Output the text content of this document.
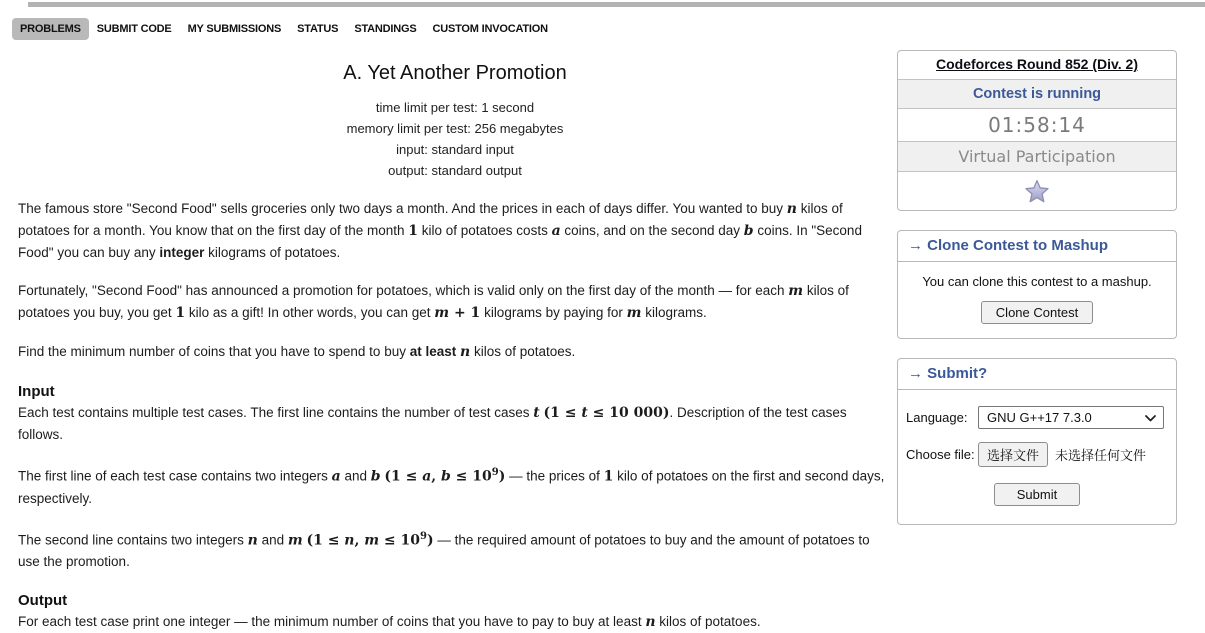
PROBLEMS	SUBMIT CODE	MY SUBMISSIONS	STATUS	STANDINGS	CUSTOM INVOCATION
A. Yet Another Promotion
time limit per test: 1 second
memory limit per test: 256 megabytes
input: standard input
output: standard output
The famous store "Second Food" sells groceries only two days a month. And the prices in each of days differ. You wanted to buy n kilos of potatoes for a month. You know that on the first day of the month 1 kilo of potatoes costs a coins, and on the second day b coins. In "Second Food" you can buy any integer kilograms of potatoes.
Fortunately, "Second Food" has announced a promotion for potatoes, which is valid only on the first day of the month — for each m kilos of potatoes you buy, you get 1 kilo as a gift! In other words, you can get m + 1 kilograms by paying for m kilograms.
Find the minimum number of coins that you have to spend to buy at least n kilos of potatoes.
Input
Each test contains multiple test cases. The first line contains the number of test cases t (1 ≤ t ≤ 10 000). Description of the test cases follows.
The first line of each test case contains two integers a and b (1 ≤ a, $b \le 10^9$) — the prices of 1 kilo of potatoes on the first and second days, respectively.
The second line contains two integers n and m (1 ≤ n, $m \le 10^9$) — the required amount of potatoes to buy and the amount of potatoes to use the promotion.
Output
For each test case print one integer — the minimum number of coins that you have to pay to buy at least n kilos of potatoes.
Codeforces Round 852 (Div. 2)
Contest is running
01:58:14
Virtual Participation
→ Clone Contest to Mashup
You can clone this contest to a mashup.
Clone Contest
→ Submit?
Language:	GNU G++17 7.3.0
Choose file: 选择文件	未选择任何文件
Submit
